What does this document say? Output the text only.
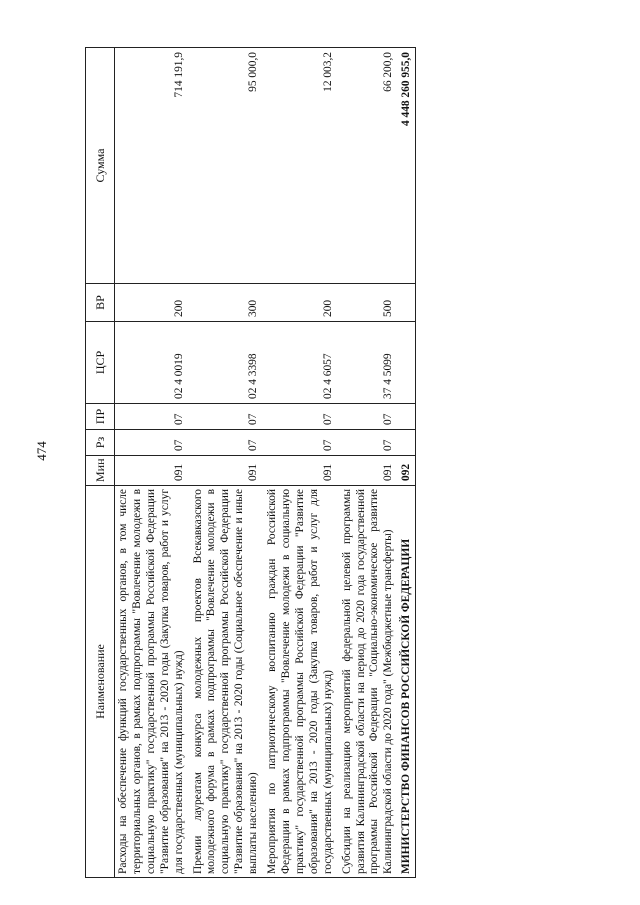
474
Наименование	Мин	Рз	ПР	ЦСР	ВР	Сумма
Расходы на обеспечение функций государственных органов, в том числе территориальных органов, в рамках подпрограммы "Вовлечение молодежи в социальную практику" государственной программы Российской Федерации "Развитие образования" на 2013 - 2020 годы (Закупка товаров, работ и услуг для государственных (муниципальных) нужд)	091	07	07	02 4 0019	200	714 191,9
Премии лауреатам конкурса молодежных проектов Всекавказского молодежного форума в рамках подпрограммы "Вовлечение молодежи в социальную практику" государственной программы Российской Федерации "Развитие образования" на 2013 - 2020 годы (Социальное обеспечение и иные выплаты населению)	091	07	07	02 4 3398	300	95 000,0
Мероприятия по патриотическому воспитанию граждан Российской Федерации в рамках подпрограммы "Вовлечение молодежи в социальную практику" государственной программы Российской Федерации "Развитие образования" на 2013 - 2020 годы (Закупка товаров, работ и услуг для государственных (муниципальных) нужд)	091	07	07	02 4 6057	200	12 003,2
Субсидии на реализацию мероприятий федеральной целевой программы развития Калининградской области на период до 2020 года государственной программы Российской Федерации "Социально-экономическое развитие Калининградской области до 2020 года" (Межбюджетные трансферты)	091	07	07	37 4 5099	500	66 200,0
МИНИСТЕРСТВО ФИНАНСОВ РОССИЙСКОЙ ФЕДЕРАЦИИ	092					4 448 260 955,0
